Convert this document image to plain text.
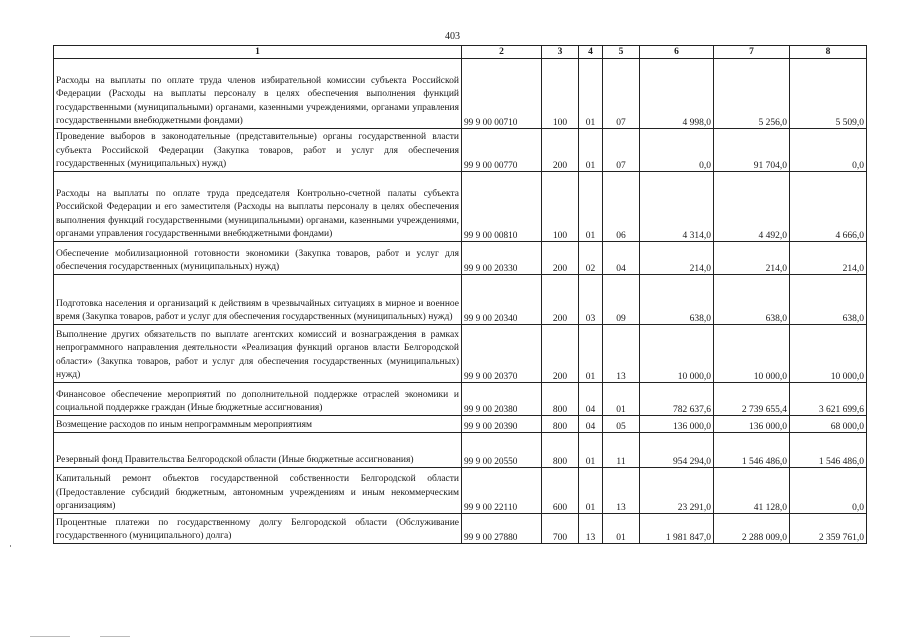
403
1	2	3	4	5	6	7	8
Расходы на выплаты по оплате труда членов избирательной комиссии субъекта Российской Федерации (Расходы на выплаты персоналу в целях обеспечения выполнения функций государственными (муниципальными) органами, казенными учреждениями, органами управления государственными внебюджетными фондами)	99 9 00 00710	100	01	07	4 998,0	5 256,0	5 509,0
Проведение выборов в законодательные (представительные) органы государственной власти субъекта Российской Федерации (Закупка товаров, работ и услуг для обеспечения государственных (муниципальных) нужд)	99 9 00 00770	200	01	07	0,0	91 704,0	0,0
Расходы на выплаты по оплате труда председателя Контрольно-счетной палаты субъекта Российской Федерации и его заместителя (Расходы на выплаты персоналу в целях обеспечения выполнения функций государственными (муниципальными) органами, казенными учреждениями, органами управления государственными внебюджетными фондами)	99 9 00 00810	100	01	06	4 314,0	4 492,0	4 666,0
Обеспечение мобилизационной готовности экономики (Закупка товаров, работ и услуг для обеспечения государственных (муниципальных) нужд)	99 9 00 20330	200	02	04	214,0	214,0	214,0
Подготовка населения и организаций к действиям в чрезвычайных ситуациях в мирное и военное время (Закупка товаров, работ и услуг для обеспечения государственных (муниципальных) нужд)	99 9 00 20340	200	03	09	638,0	638,0	638,0
Выполнение других обязательств по выплате агентских комиссий и вознаграждения в рамках непрограммного направления деятельности «Реализация функций органов власти Белгородской области» (Закупка товаров, работ и услуг для обеспечения государственных (муниципальных) нужд)	99 9 00 20370	200	01	13	10 000,0	10 000,0	10 000,0
Финансовое обеспечение мероприятий по дополнительной поддержке отраслей экономики и социальной поддержке граждан (Иные бюджетные ассигнования)	99 9 00 20380	800	04	01	782 637,6	2 739 655,4	3 621 699,6
Возмещение расходов по иным непрограммным мероприятиям	99 9 00 20390	800	04	05	136 000,0	136 000,0	68 000,0
Резервный фонд Правительства Белгородской области (Иные бюджетные ассигнования)	99 9 00 20550	800	01	11	954 294,0	1 546 486,0	1 546 486,0
Капитальный ремонт объектов государственной собственности Белгородской области (Предоставление субсидий бюджетным, автономным учреждениям и иным некоммерческим организациям)	99 9 00 22110	600	01	13	23 291,0	41 128,0	0,0
Процентные платежи по государственному долгу Белгородской области (Обслуживание государственного (муниципального) долга)	99 9 00 27880	700	13	01	1 981 847,0	2 288 009,0	2 359 761,0
